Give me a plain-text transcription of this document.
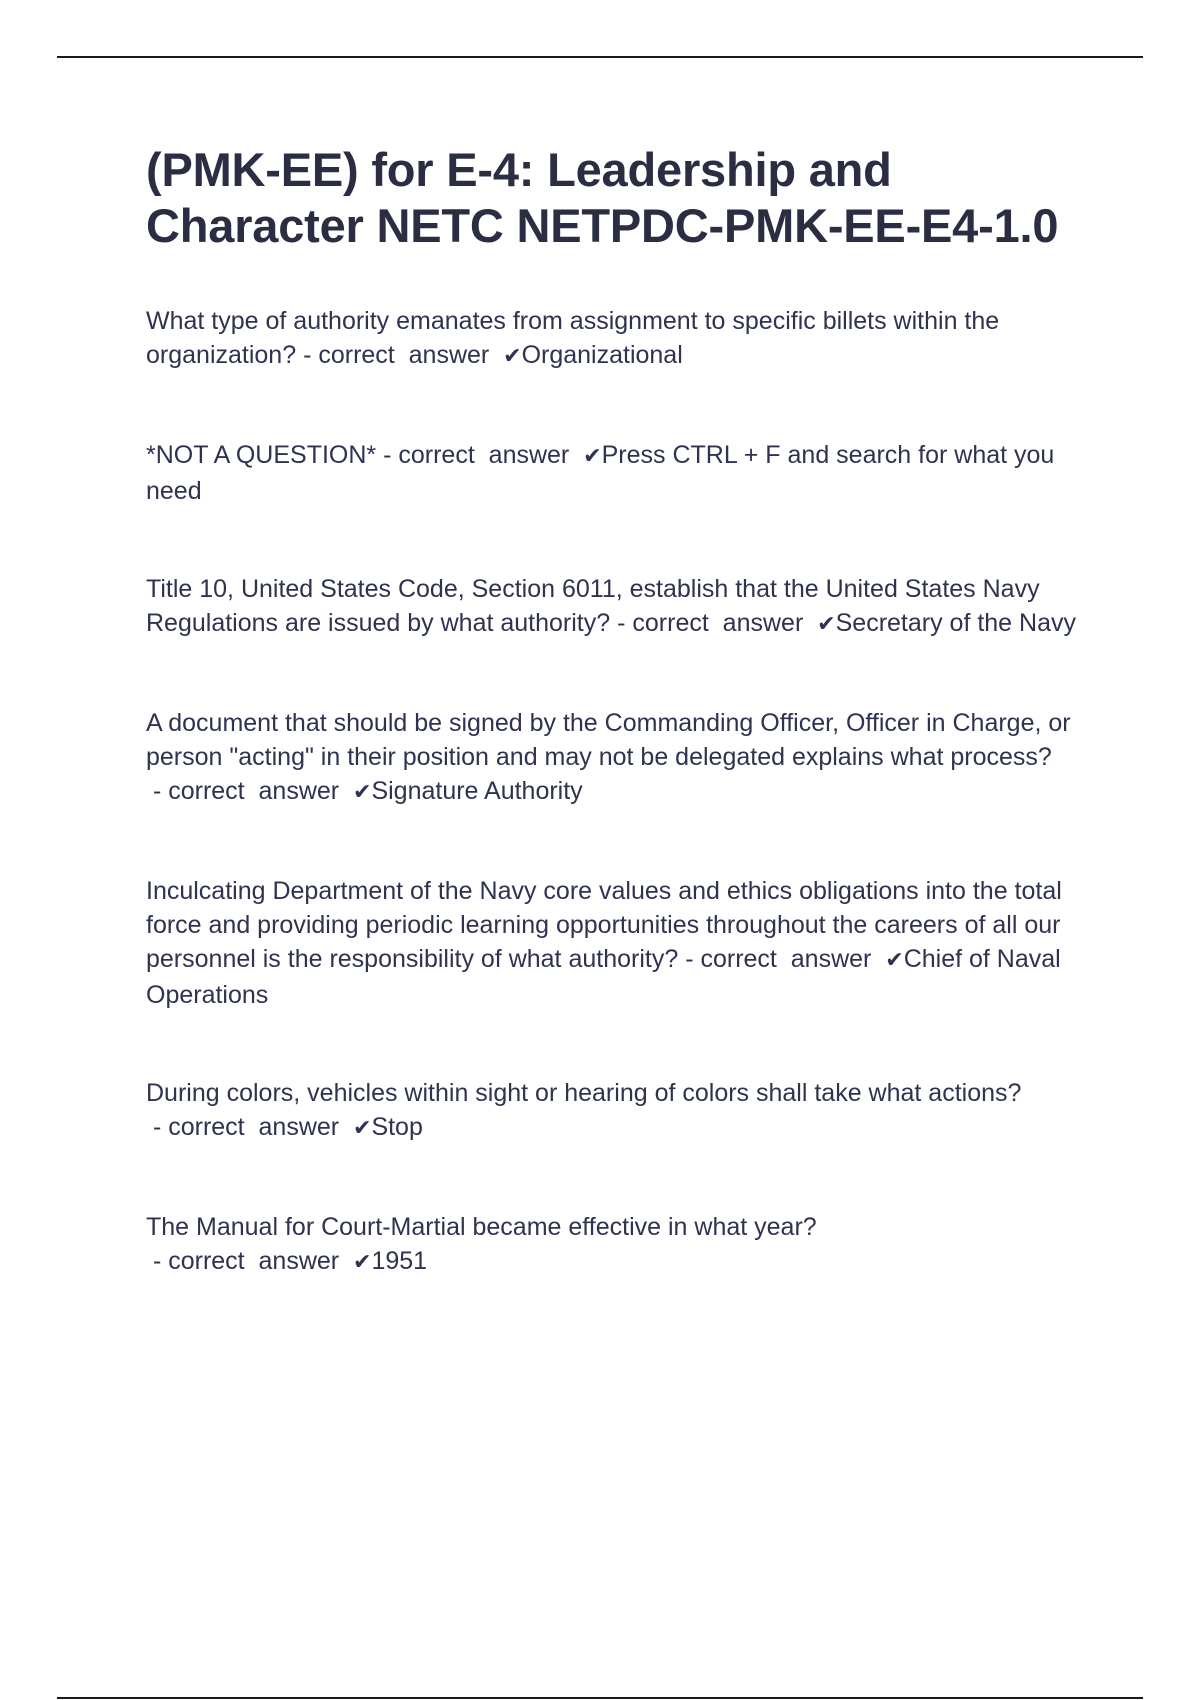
(PMK-EE) for E-4: Leadership and Character NETC NETPDC-PMK-EE-E4-1.0

What type of authority emanates from assignment to specific billets within the organization? - correct  answer  ✔Organizational

*NOT A QUESTION* - correct  answer  ✔Press CTRL + F and search for what you need

Title 10, United States Code, Section 6011, establish that the United States Navy Regulations are issued by what authority? - correct  answer  ✔Secretary of the Navy

A document that should be signed by the Commanding Officer, Officer in Charge, or person "acting" in their position and may not be delegated explains what process? - correct  answer  ✔Signature Authority

Inculcating Department of the Navy core values and ethics obligations into the total force and providing periodic learning opportunities throughout the careers of all our personnel is the responsibility of what authority? - correct  answer  ✔Chief of Naval Operations

During colors, vehicles within sight or hearing of colors shall take what actions? - correct  answer  ✔Stop

The Manual for Court-Martial became effective in what year? - correct  answer  ✔1951
